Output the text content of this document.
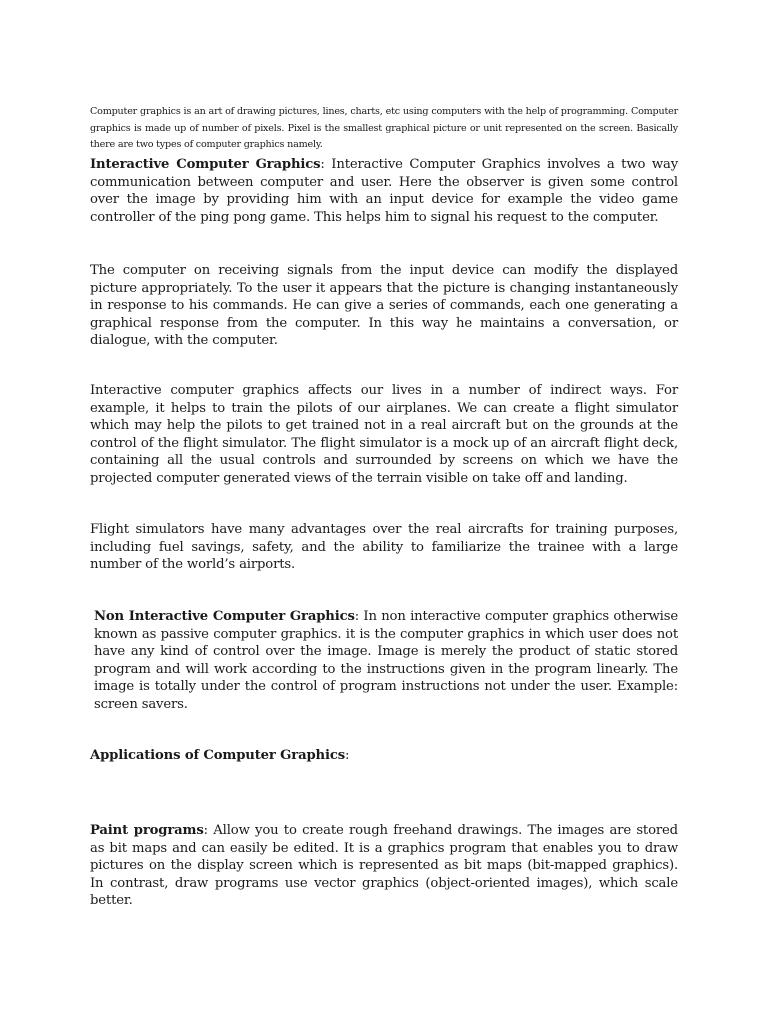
Computer graphics is an art of drawing pictures, lines, charts, etc using computers with the help of programming. Computer graphics is made up of number of pixels. Pixel is the smallest graphical picture or unit represented on the screen. Basically there are two types of computer graphics namely.

Interactive Computer Graphics: Interactive Computer Graphics involves a two way communication between computer and user. Here the observer is given some control over the image by providing him with an input device for example the video game controller of the ping pong game. This helps him to signal his request to the computer.

The computer on receiving signals from the input device can modify the displayed picture appropriately. To the user it appears that the picture is changing instantaneously in response to his commands. He can give a series of commands, each one generating a graphical response from the computer. In this way he maintains a conversation, or dialogue, with the computer.

Interactive computer graphics affects our lives in a number of indirect ways. For example, it helps to train the pilots of our airplanes. We can create a flight simulator which may help the pilots to get trained not in a real aircraft but on the grounds at the control of the flight simulator. The flight simulator is a mock up of an aircraft flight deck, containing all the usual controls and surrounded by screens on which we have the projected computer generated views of the terrain visible on take off and landing.

Flight simulators have many advantages over the real aircrafts for training purposes, including fuel savings, safety, and the ability to familiarize the trainee with a large number of the world’s airports.

Non Interactive Computer Graphics: In non interactive computer graphics otherwise known as passive computer graphics. it is the computer graphics in which user does not have any kind of control over the image. Image is merely the product of static stored program and will work according to the instructions given in the program linearly. The image is totally under the control of program instructions not under the user. Example: screen savers.

Applications of Computer Graphics:

Paint programs: Allow you to create rough freehand drawings. The images are stored as bit maps and can easily be edited. It is a graphics program that enables you to draw pictures on the display screen which is represented as bit maps (bit-mapped graphics). In contrast, draw programs use vector graphics (object-oriented images), which scale better.
